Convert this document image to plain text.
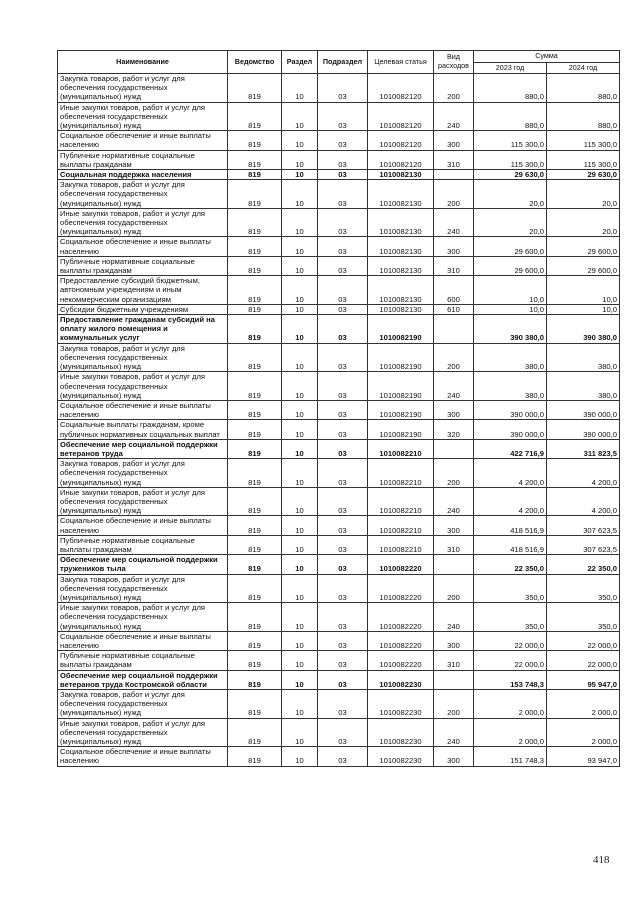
Наименование	Ведомство	Раздел	Подраздел	Целевая статья	Вид расходов	Сумма	
						2023 год	2024 год
Закупка товаров, работ и услуг для обеспечения государственных (муниципальных) нужд	819	10	03	1010082120	200	880,0	880,0
Иные закупки товаров, работ и услуг для обеспечения государственных (муниципальных) нужд	819	10	03	1010082120	240	880,0	880,0
Социальное обеспечение и иные выплаты населению	819	10	03	1010082120	300	115 300,0	115 300,0
Публичные нормативные социальные выплаты гражданам	819	10	03	1010082120	310	115 300,0	115 300,0
Социальная поддержка населения	819	10	03	1010082130		29 630,0	29 630,0
Закупка товаров, работ и услуг для обеспечения государственных (муниципальных) нужд	819	10	03	1010082130	200	20,0	20,0
Иные закупки товаров, работ и услуг для обеспечения государственных (муниципальных) нужд	819	10	03	1010082130	240	20,0	20,0
Социальное обеспечение и иные выплаты населению	819	10	03	1010082130	300	29 600,0	29 600,0
Публичные нормативные социальные выплаты гражданам	819	10	03	1010082130	310	29 600,0	29 600,0
Предоставление субсидий бюджетным, автономным учреждениям и иным некоммерческим организациям	819	10	03	1010082130	600	10,0	10,0
Субсидии бюджетным учреждениям	819	10	03	1010082130	610	10,0	10,0
Предоставление гражданам субсидий на оплату жилого помещения и коммунальных услуг	819	10	03	1010082190		390 380,0	390 380,0
Закупка товаров, работ и услуг для обеспечения государственных (муниципальных) нужд	819	10	03	1010082190	200	380,0	380,0
Иные закупки товаров, работ и услуг для обеспечения государственных (муниципальных) нужд	819	10	03	1010082190	240	380,0	380,0
Социальное обеспечение и иные выплаты населению	819	10	03	1010082190	300	390 000,0	390 000,0
Социальные выплаты гражданам, кроме публичных нормативных социальных выплат	819	10	03	1010082190	320	390 000,0	390 000,0
Обеспечение мер социальной поддержки ветеранов труда	819	10	03	1010082210		422 716,9	311 823,5
Закупка товаров, работ и услуг для обеспечения государственных (муниципальных) нужд	819	10	03	1010082210	200	4 200,0	4 200,0
Иные закупки товаров, работ и услуг для обеспечения государственных (муниципальных) нужд	819	10	03	1010082210	240	4 200,0	4 200,0
Социальное обеспечение и иные выплаты населению	819	10	03	1010082210	300	418 516,9	307 623,5
Публичные нормативные социальные выплаты гражданам	819	10	03	1010082210	310	418 516,9	307 623,5
Обеспечение мер социальной поддержки тружеников тыла	819	10	03	1010082220		22 350,0	22 350,0
Закупка товаров, работ и услуг для обеспечения государственных (муниципальных) нужд	819	10	03	1010082220	200	350,0	350,0
Иные закупки товаров, работ и услуг для обеспечения государственных (муниципальных) нужд	819	10	03	1010082220	240	350,0	350,0
Социальное обеспечение и иные выплаты населению	819	10	03	1010082220	300	22 000,0	22 000,0
Публичные нормативные социальные выплаты гражданам	819	10	03	1010082220	310	22 000,0	22 000,0
Обеспечение мер социальной поддержки ветеранов труда Костромской области	819	10	03	1010082230		153 748,3	95 947,0
Закупка товаров, работ и услуг для обеспечения государственных (муниципальных) нужд	819	10	03	1010082230	200	2 000,0	2 000,0
Иные закупки товаров, работ и услуг для обеспечения государственных (муниципальных) нужд	819	10	03	1010082230	240	2 000,0	2 000,0
Социальное обеспечение и иные выплаты населению	819	10	03	1010082230	300	151 748,3	93 947,0
418
